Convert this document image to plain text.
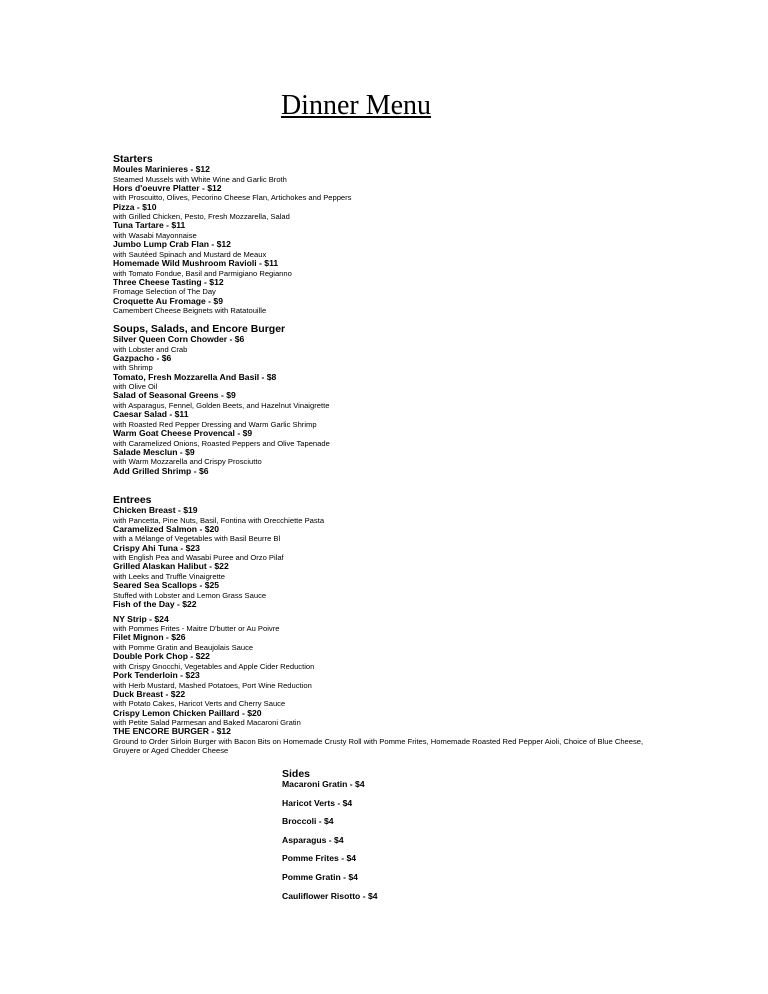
Dinner Menu
Starters
Moules Marinieres - $12
Steamed Mussels with White Wine and Garlic Broth
Hors d'oeuvre Platter - $12
with Proscuitto, Olives, Pecorino Cheese Flan, Artichokes and Peppers
Pizza - $10
with Grilled Chicken, Pesto, Fresh Mozzarella, Salad
Tuna Tartare - $11
with Wasabi Mayonnaise
Jumbo Lump Crab Flan - $12
with Sautéed Spinach and Mustard de Meaux
Homemade Wild Mushroom Ravioli - $11
with Tomato Fondue, Basil and Parmigiano Regianno
Three Cheese Tasting - $12
Fromage Selection of The Day
Croquette Au Fromage - $9
Camembert Cheese Beignets with Ratatouille
Soups, Salads, and Encore Burger
Silver Queen Corn Chowder - $6
with Lobster and Crab
Gazpacho - $6
with Shrimp
Tomato, Fresh Mozzarella And Basil - $8
with Olive Oil
Salad of Seasonal Greens - $9
with Asparagus, Fennel, Golden Beets, and Hazelnut Vinaigrette
Caesar Salad - $11
with Roasted Red Pepper Dressing and Warm Garlic Shrimp
Warm Goat Cheese Provencal - $9
with Caramelized Onions, Roasted Peppers and Olive Tapenade
Salade Mesclun - $9
with Warm Mozzarella and Crispy Prosciutto
Add Grilled Shrimp - $6
Entrees
Chicken Breast - $19
with Pancetta, Pine Nuts, Basil, Fontina with Orecchiette Pasta
Caramelized Salmon - $20
with a Mélange of Vegetables with Basil Beurre Bl
Crispy Ahi Tuna - $23
with English Pea and Wasabi Puree and Orzo Pilaf
Grilled Alaskan Halibut - $22
with Leeks and Truffle Vinaigrette
Seared Sea Scallops - $25
Stuffed with Lobster and Lemon Grass Sauce
Fish of the Day - $22
NY Strip - $24
with Pommes Frites - Maitre D'butter or Au Poivre
Filet Mignon - $26
with Pomme Gratin and Beaujolais Sauce
Double Pork Chop - $22
with Crispy Gnocchi, Vegetables and Apple Cider Reduction
Pork Tenderloin - $23
with Herb Mustard, Mashed Potatoes, Port Wine Reduction
Duck Breast - $22
with Potato Cakes, Haricot Verts and Cherry Sauce
Crispy Lemon Chicken Paillard - $20
with Petite Salad Parmesan and Baked Macaroni Gratin
THE ENCORE BURGER - $12
Ground to Order Sirloin Burger with Bacon Bits on Homemade Crusty Roll with Pomme Frites, Homemade Roasted Red Pepper Aioli, Choice of Blue Cheese, Gruyere or Aged Chedder Cheese
Sides
Macaroni Gratin - $4
Haricot Verts - $4
Broccoli - $4
Asparagus - $4
Pomme Frites - $4
Pomme Gratin - $4
Cauliflower Risotto - $4
